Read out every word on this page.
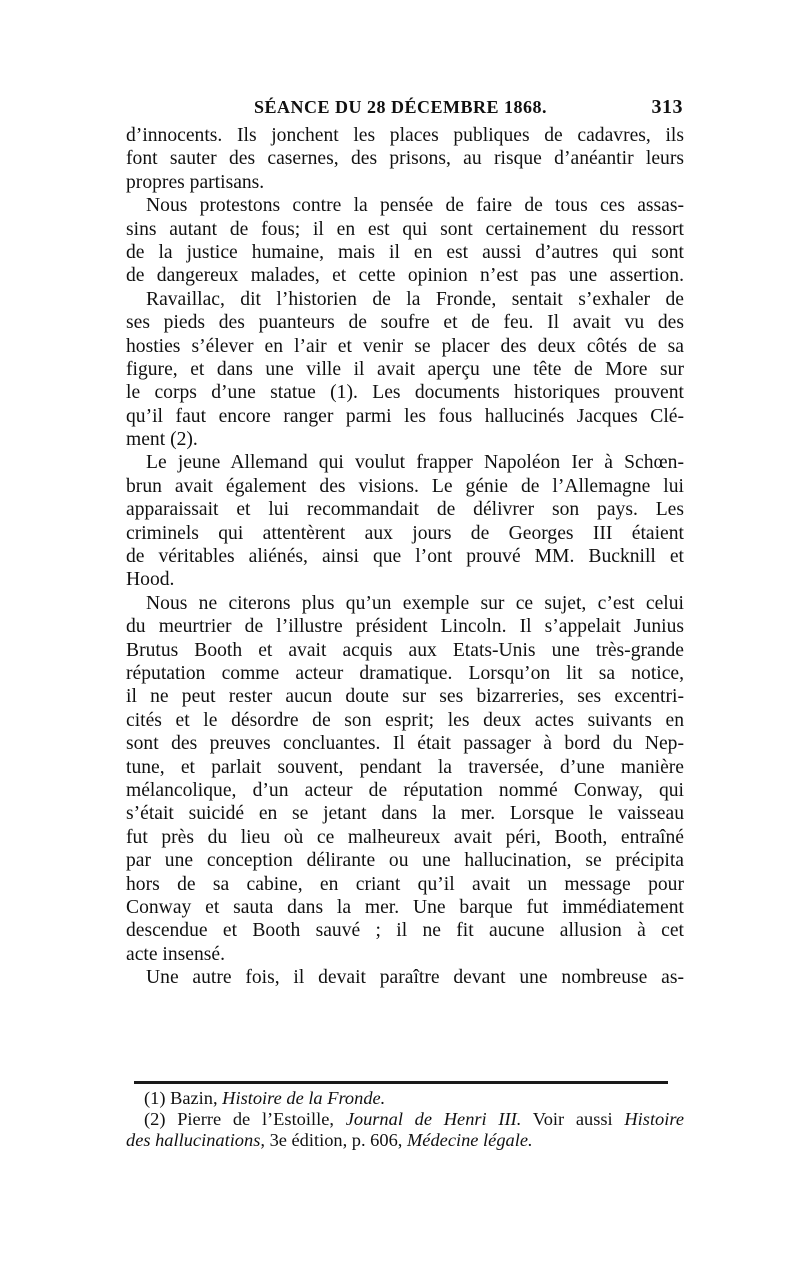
SÉANCE DU 28 DÉCEMBRE 1868.	313
d’innocents. Ils jonchent les places publiques de cadavres, ils
font sauter des casernes, des prisons, au risque d’anéantir leurs
propres partisans.
Nous protestons contre la pensée de faire de tous ces assas-
sins autant de fous; il en est qui sont certainement du ressort
de la justice humaine, mais il en est aussi d’autres qui sont
de dangereux malades, et cette opinion n’est pas une assertion.
Ravaillac, dit l’historien de la Fronde, sentait s’exhaler de
ses pieds des puanteurs de soufre et de feu. Il avait vu des
hosties s’élever en l’air et venir se placer des deux côtés de sa
figure, et dans une ville il avait aperçu une tête de More sur
le corps d’une statue (1). Les documents historiques prouvent
qu’il faut encore ranger parmi les fous hallucinés Jacques Clé-
ment (2).
Le jeune Allemand qui voulut frapper Napoléon Ier à Schœn-
brun avait également des visions. Le génie de l’Allemagne lui
apparaissait et lui recommandait de délivrer son pays. Les
criminels qui attentèrent aux jours de Georges III étaient
de véritables aliénés, ainsi que l’ont prouvé MM. Bucknill et
Hood.
Nous ne citerons plus qu’un exemple sur ce sujet, c’est celui
du meurtrier de l’illustre président Lincoln. Il s’appelait Junius
Brutus Booth et avait acquis aux Etats-Unis une très-grande
réputation comme acteur dramatique. Lorsqu’on lit sa notice,
il ne peut rester aucun doute sur ses bizarreries, ses excentri-
cités et le désordre de son esprit; les deux actes suivants en
sont des preuves concluantes. Il était passager à bord du Nep-
tune, et parlait souvent, pendant la traversée, d’une manière
mélancolique, d’un acteur de réputation nommé Conway, qui
s’était suicidé en se jetant dans la mer. Lorsque le vaisseau
fut près du lieu où ce malheureux avait péri, Booth, entraîné
par une conception délirante ou une hallucination, se précipita
hors de sa cabine, en criant qu’il avait un message pour
Conway et sauta dans la mer. Une barque fut immédiatement
descendue et Booth sauvé ; il ne fit aucune allusion à cet
acte insensé.
Une autre fois, il devait paraître devant une nombreuse as-
(1) Bazin, Histoire de la Fronde.
(2) Pierre de l’Estoille, Journal de Henri III. Voir aussi Histoire
des hallucinations, 3e édition, p. 606, Médecine légale.
